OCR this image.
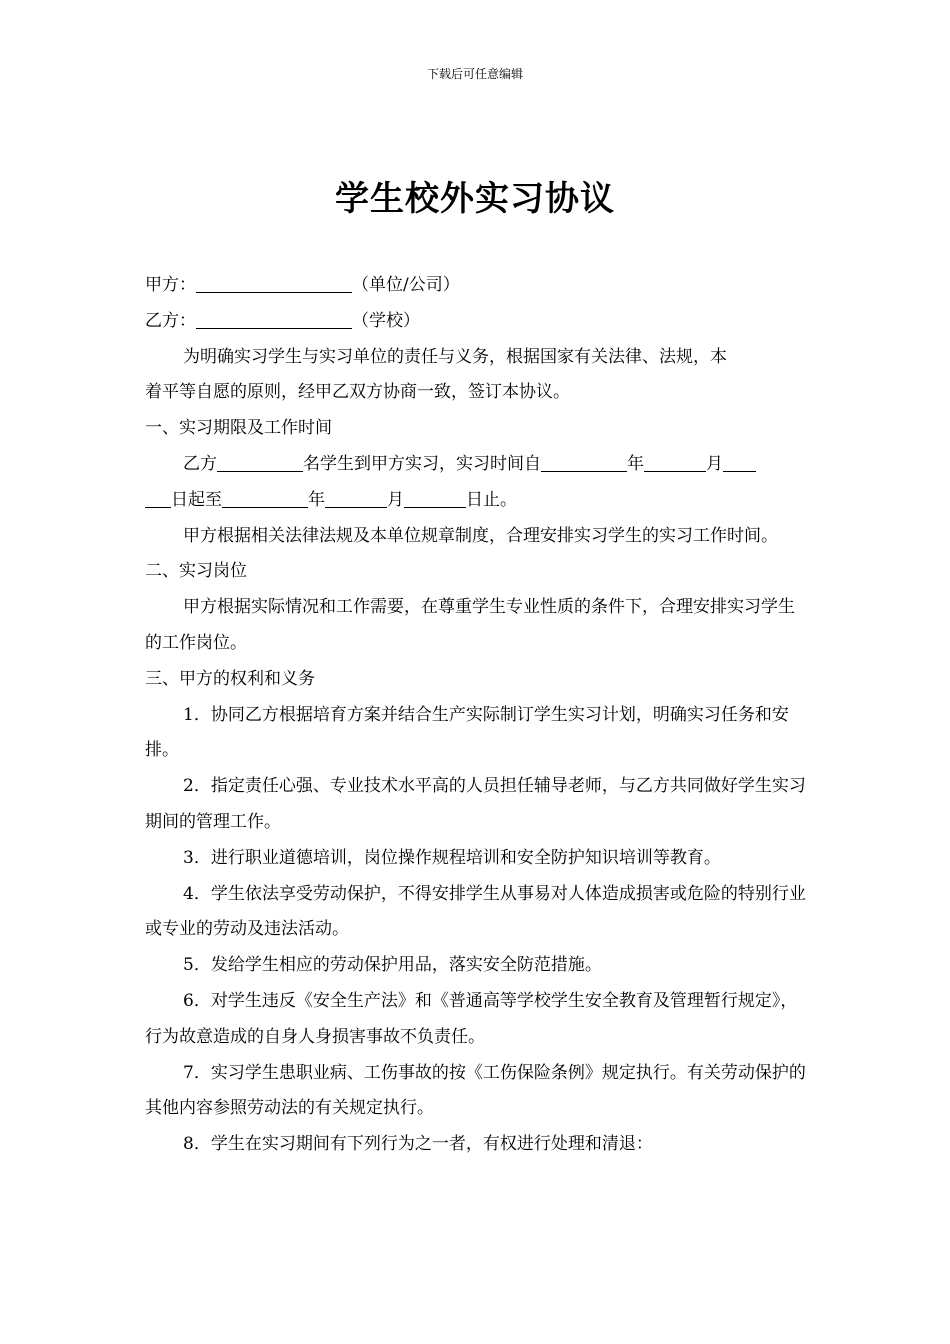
下载后可任意编辑
学生校外实习协议

甲方：	（单位/公司）

乙方：	（学校）

为明确实习学生与实习单位的责任与义务，根据国家有关法律、法规，本

着平等自愿的原则，经甲乙双方协商一致，签订本协议。

一、实习期限及工作时间

乙方	名学生到甲方实习，实习时间自	年	月

日起至	年	月	日止。

甲方根据相关法律法规及本单位规章制度，合理安排实习学生的实习工作时间。

二、实习岗位

甲方根据实际情况和工作需要，在尊重学生专业性质的条件下，合理安排实习学生的工作岗位。

三、甲方的权利和义务

1．协同乙方根据培育方案并结合生产实际制订学生实习计划，明确实习任务和安排。

2．指定责任心强、专业技术水平高的人员担任辅导老师，与乙方共同做好学生实习期间的管理工作。

3．进行职业道德培训，岗位操作规程培训和安全防护知识培训等教育。

4．学生依法享受劳动保护，不得安排学生从事易对人体造成损害或危险的特别行业或专业的劳动及违法活动。

5．发给学生相应的劳动保护用品，落实安全防范措施。

6．对学生违反《安全生产法》和《普通高等学校学生安全教育及管理暂行规定》，行为故意造成的自身人身损害事故不负责任。

7．实习学生患职业病、工伤事故的按《工伤保险条例》规定执行。有关劳动保护的其他内容参照劳动法的有关规定执行。

8．学生在实习期间有下列行为之一者，有权进行处理和清退：
